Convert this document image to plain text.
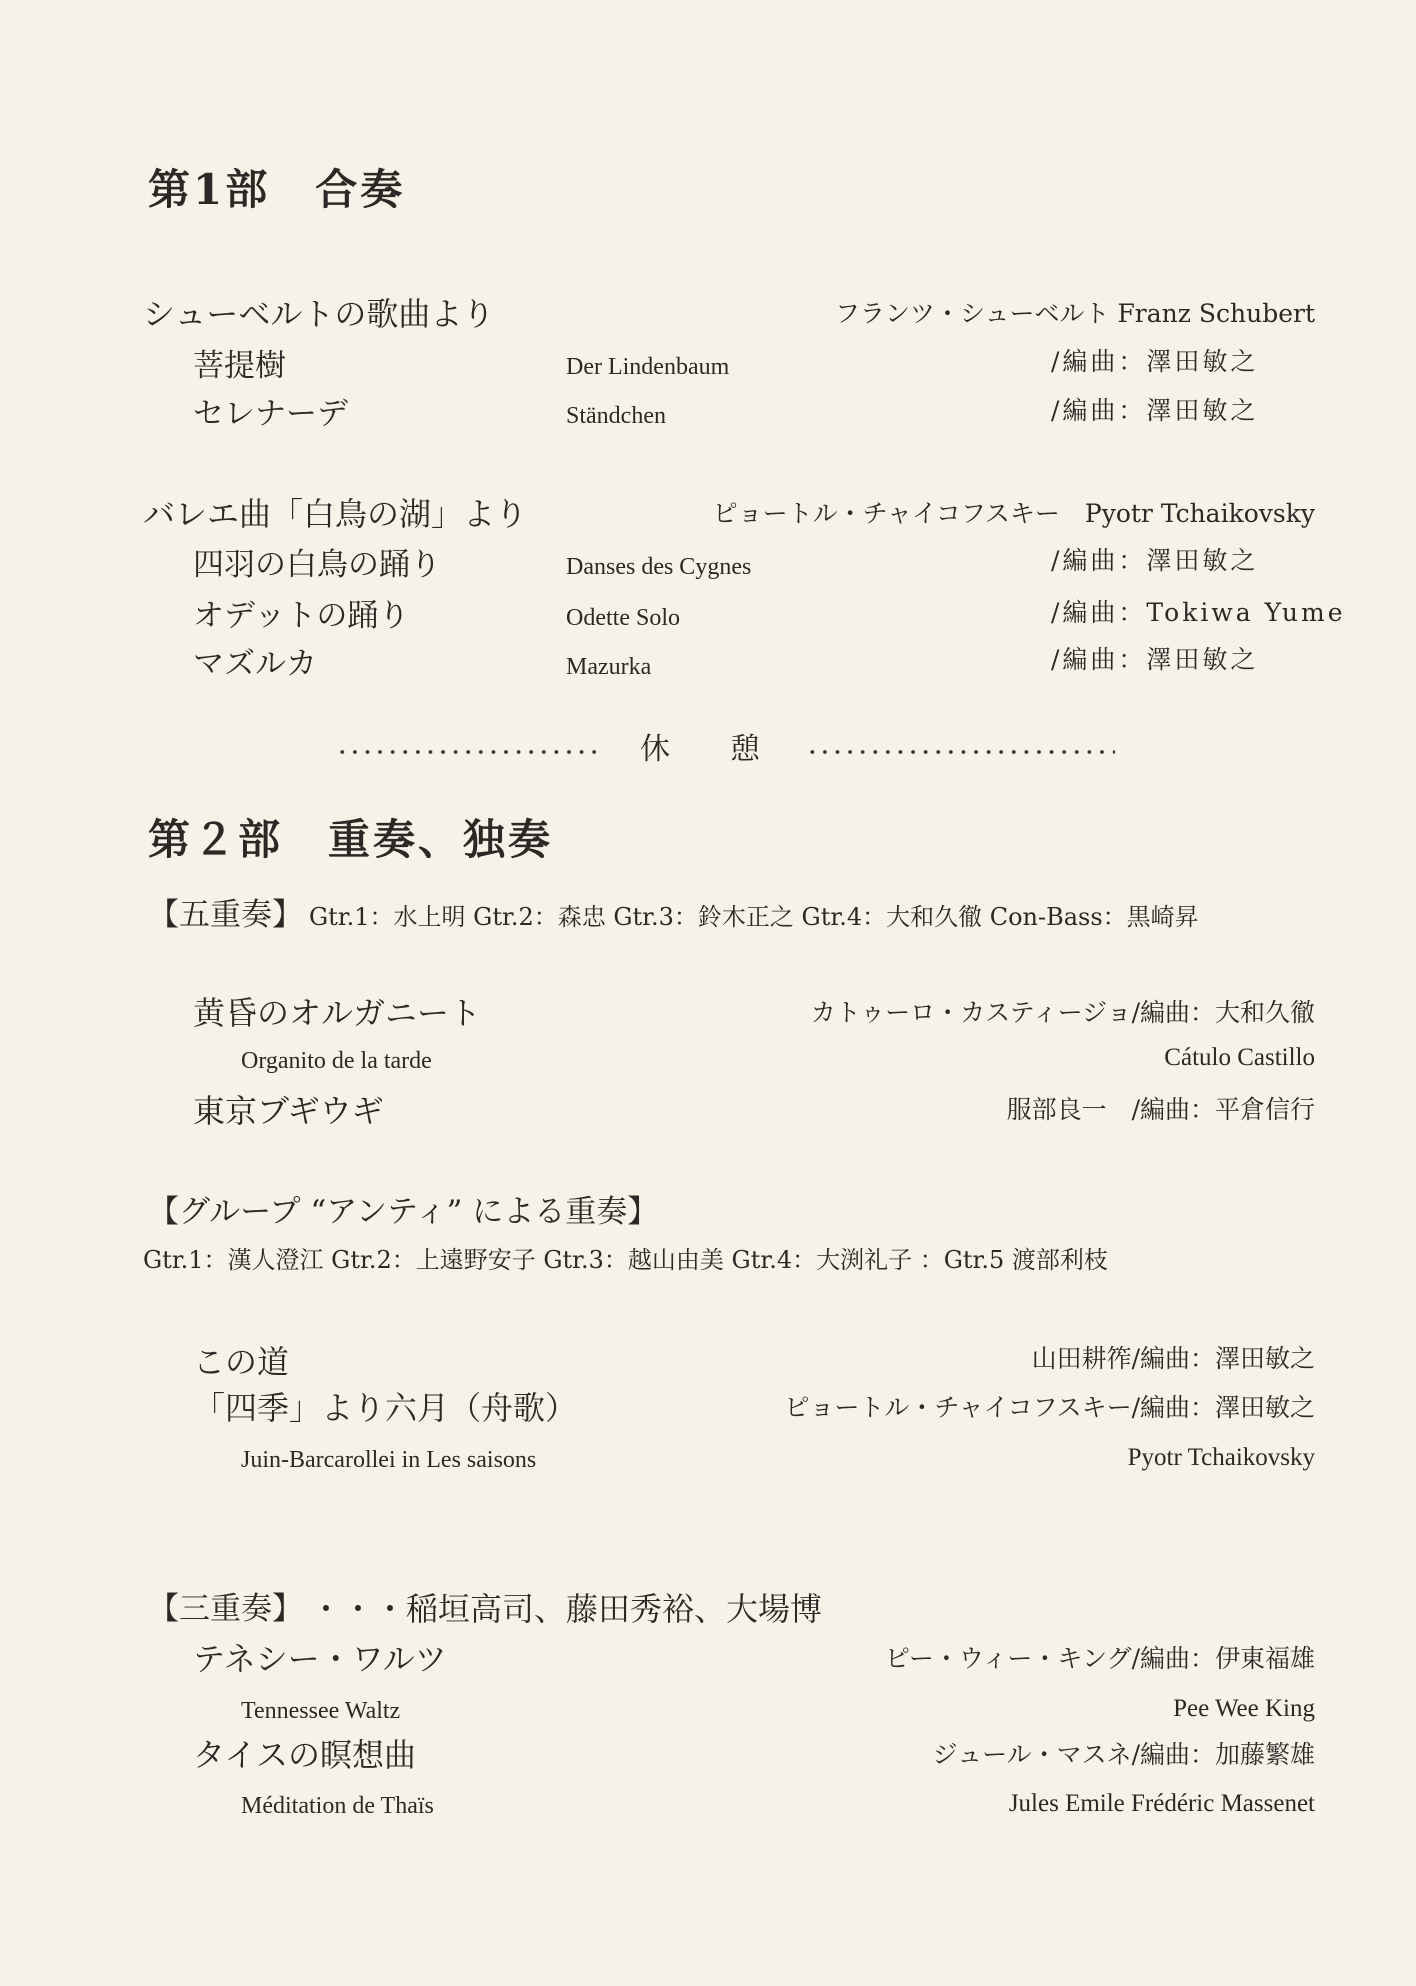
第1部　合奏
シューベルトの歌曲より	フランツ・シューベルト Franz Schubert
菩提樹	Der Lindenbaum	/編曲：澤田敏之
セレナーデ	Ständchen	/編曲：澤田敏之
バレエ曲「白鳥の湖」より	ピョートル・チャイコフスキー　Pyotr Tchaikovsky
四羽の白鳥の踊り	Danses des Cygnes	/編曲：澤田敏之
オデットの踊り	Odette Solo	/編曲：Tokiwa Yume
マズルカ	Mazurka	/編曲：澤田敏之
休　　憩
第２部　重奏、独奏
【五重奏】 Gtr.1：水上明 Gtr.2：森忠 Gtr.3：鈴木正之 Gtr.4：大和久徹 Con-Bass：黒崎昇
黄昏のオルガニート	カトゥーロ・カスティージョ/編曲：大和久徹
Organito de la tarde	Cátulo Castillo
東京ブギウギ	服部良一　/編曲：平倉信行
【グループ “アンティ” による重奏】
Gtr.1：漢人澄江 Gtr.2：上遠野安子 Gtr.3：越山由美 Gtr.4：大渕礼子 ：Gtr.5 渡部利枝
この道	山田耕筰/編曲：澤田敏之
「四季」より六月（舟歌）	ピョートル・チャイコフスキー/編曲：澤田敏之
Juin-Barcarollei in Les saisons	Pyotr Tchaikovsky
【三重奏】 ・・・稲垣高司、藤田秀裕、大場博
テネシー・ワルツ	ピー・ウィー・キング/編曲：伊東福雄
Tennessee Waltz	Pee Wee King
タイスの瞑想曲	ジュール・マスネ/編曲：加藤繁雄
Méditation de Thaïs	Jules Emile Frédéric Massenet
